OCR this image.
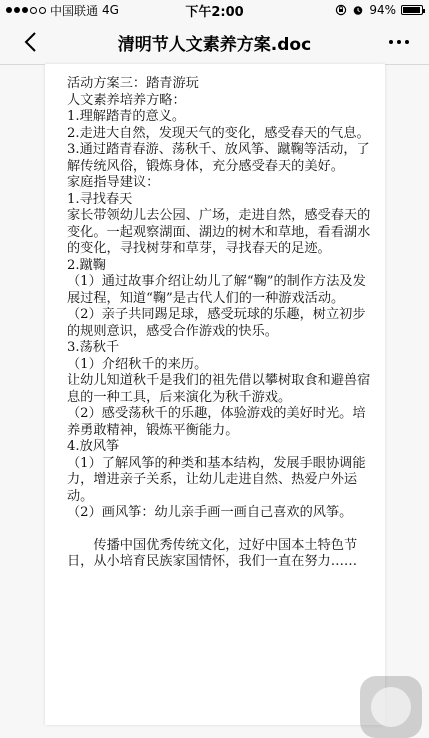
中国联通 4G	下午2:00	94%
清明节人文素养方案.doc

活动方案三：踏青游玩

人文素养培养方略：

1.理解踏青的意义。

2.走进大自然，发现天气的变化，感受春天的气息。

3.通过踏青春游、荡秋千、放风筝、蹴鞠等活动，了解传统风俗，锻炼身体，充分感受春天的美好。

家庭指导建议：

1.寻找春天

家长带领幼儿去公园、广场，走进自然，感受春天的变化。一起观察湖面、湖边的树木和草地，看看湖水的变化，寻找树芽和草芽，寻找春天的足迹。

2.蹴鞠

（1）通过故事介绍让幼儿了解“鞠”的制作方法及发展过程，知道“鞠”是古代人们的一种游戏活动。

（2）亲子共同踢足球，感受玩球的乐趣，树立初步的规则意识，感受合作游戏的快乐。

3.荡秋千

（1）介绍秋千的来历。

让幼儿知道秋千是我们的祖先借以攀树取食和避兽宿息的一种工具，后来演化为秋千游戏。

（2）感受荡秋千的乐趣，体验游戏的美好时光。培养勇敢精神，锻炼平衡能力。

4.放风筝

（1）了解风筝的种类和基本结构，发展手眼协调能力，增进亲子关系，让幼儿走进自然、热爱户外运动。

（2）画风筝：幼儿亲手画一画自己喜欢的风筝。

传播中国优秀传统文化，过好中国本土特色节日，从小培育民族家国情怀，我们一直在努力……
